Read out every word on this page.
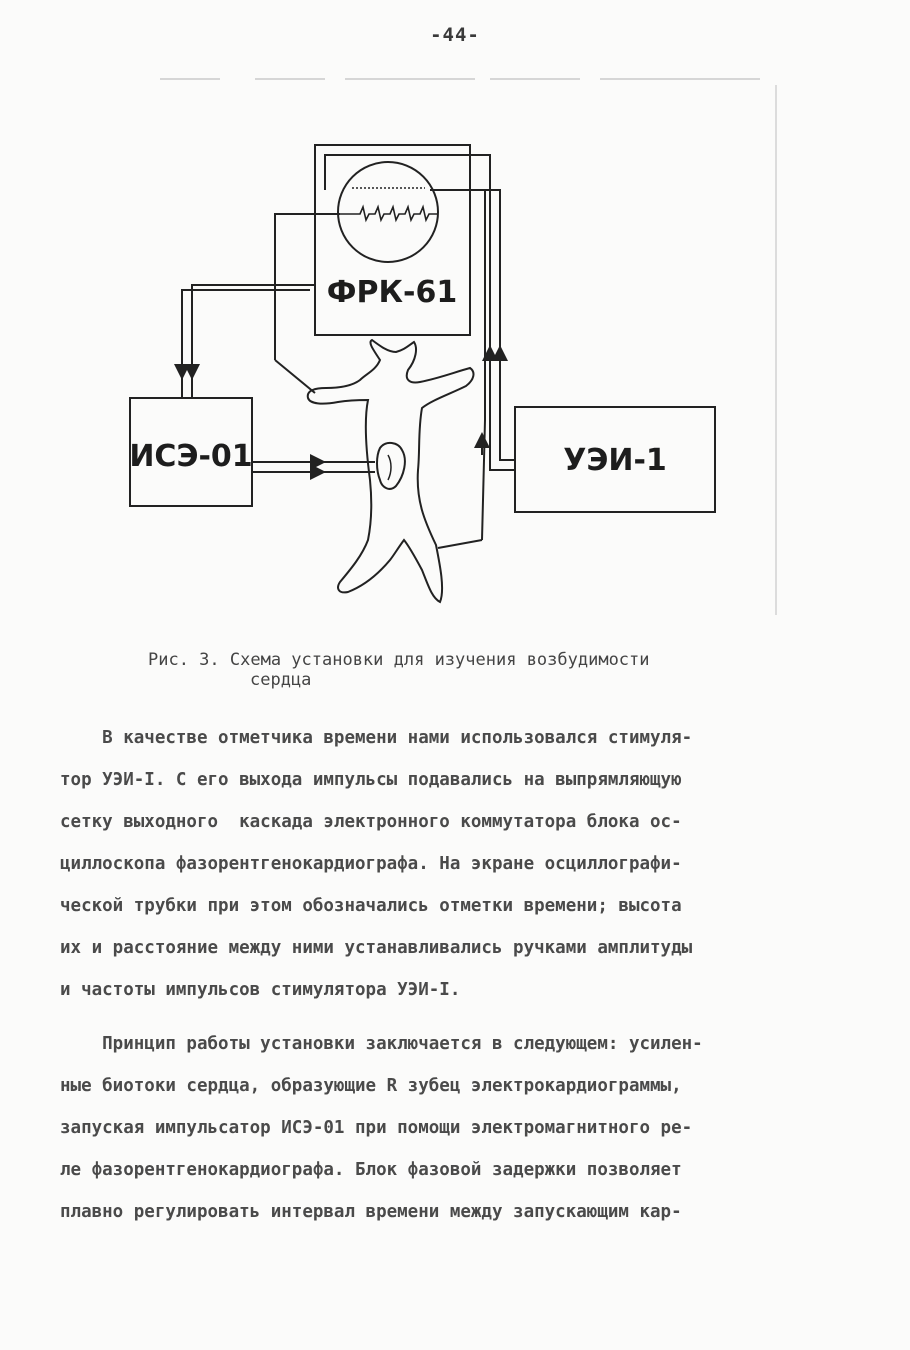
-44-
ФРК-61
ИСЭ-01	УЭИ-1
Рис. 3. Схема установки для изучения возбудимости
сердца
В качестве отметчика времени нами использовался стимуля-
тор УЭИ-I. С его выхода импульсы подавались на выпрямляющую
сетку выходного  каскада электронного коммутатора блока ос-
циллоскопа фазорентгенокардиографа. На экране осциллографи-
ческой трубки при этом обозначались отметки времени; высота
их и расстояние между ними устанавливались ручками амплитуды
и частоты импульсов стимулятора УЭИ-I.
Принцип работы установки заключается в следующем: усилен-
ные биотоки сердца, образующие R зубец электрокардиограммы,
запуская импульсатор ИСЭ-01 при помощи электромагнитного ре-
ле фазорентгенокардиографа. Блок фазовой задержки позволяет
плавно регулировать интервал времени между запускающим кар-
